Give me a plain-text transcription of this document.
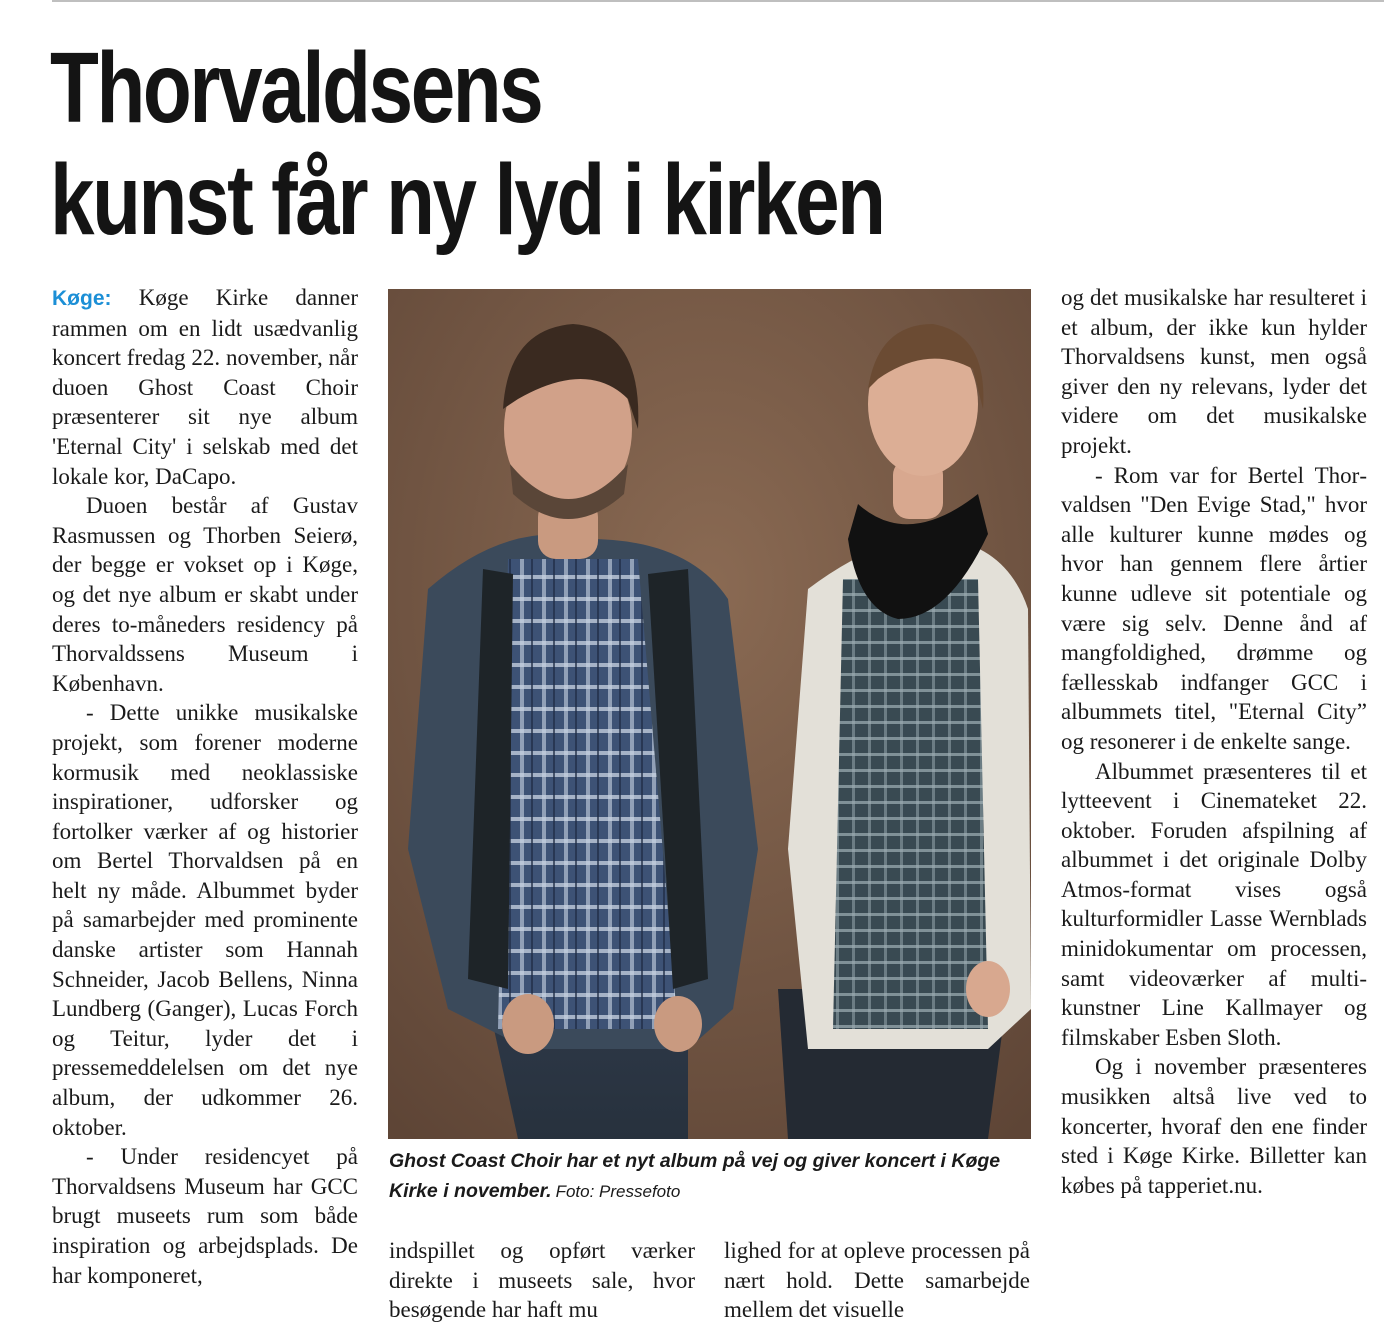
Thorvaldsens
kunst får ny lyd i kirken

Køge: Køge Kirke danner rammen om en lidt usædvanlig koncert fredag 22. november, når duoen Ghost Coast Choir præsenterer sit nye album 'Eternal City' i selskab med det lokale kor, DaCapo.

Duoen består af Gustav Rasmussen og Thorben Seierø, der begge er vokset op i Køge, og det nye album er skabt under deres to-måneders residency på Thorvaldssens Museum i København.

- Dette unikke musikalske projekt, som forener moderne kormusik med neoklassiske inspirationer, udforsker og fortolker værker af og historier om Bertel Thorvaldsen på en helt ny måde. Albummet byder på samarbejder med prominente danske artister som Hannah Schneider, Jacob Bellens, Ninna Lundberg (Ganger), Lucas Forch og Teitur, lyder det i pressemeddelelsen om det nye album, der udkommer 26. oktober.

- Under residencyet på Thorvaldsens Museum har GCC brugt museets rum som både inspiration og arbejdsplads. De har komponeret,

Ghost Coast Choir har et nyt album på vej og giver koncert i Køge Kirke i november. Foto: Pressefoto

indspillet og opført værker direkte i museets sale, hvor besøgende har haft mu

lighed for at opleve processen på nært hold. Dette samarbejde mellem det visuelle

og det musikalske har resulteret i et album, der ikke kun hylder Thorvaldsens kunst, men også giver den ny relevans, lyder det videre om det musikalske projekt.

- Rom var for Bertel Thorvaldsen "Den Evige Stad," hvor alle kulturer kunne mødes og hvor han gennem flere årtier kunne udleve sit potentiale og være sig selv. Denne ånd af mangfoldighed, drømme og fællesskab indfanger GCC i albummets titel, "Eternal City” og resonerer i de enkelte sange.

Albummet præsenteres til et lytteevent i Cinemateket 22. oktober. Foruden afspilning af albummet i det originale Dolby Atmos-format vises også kulturformidler Lasse Wernblads minidokumentar om processen, samt videoværker af multi-kunstner Line Kallmayer og filmskaber Esben Sloth.

Og i november præsenteres musikken altså live ved to koncerter, hvoraf den ene finder sted i Køge Kirke. Billetter kan købes på tapperiet.nu.
